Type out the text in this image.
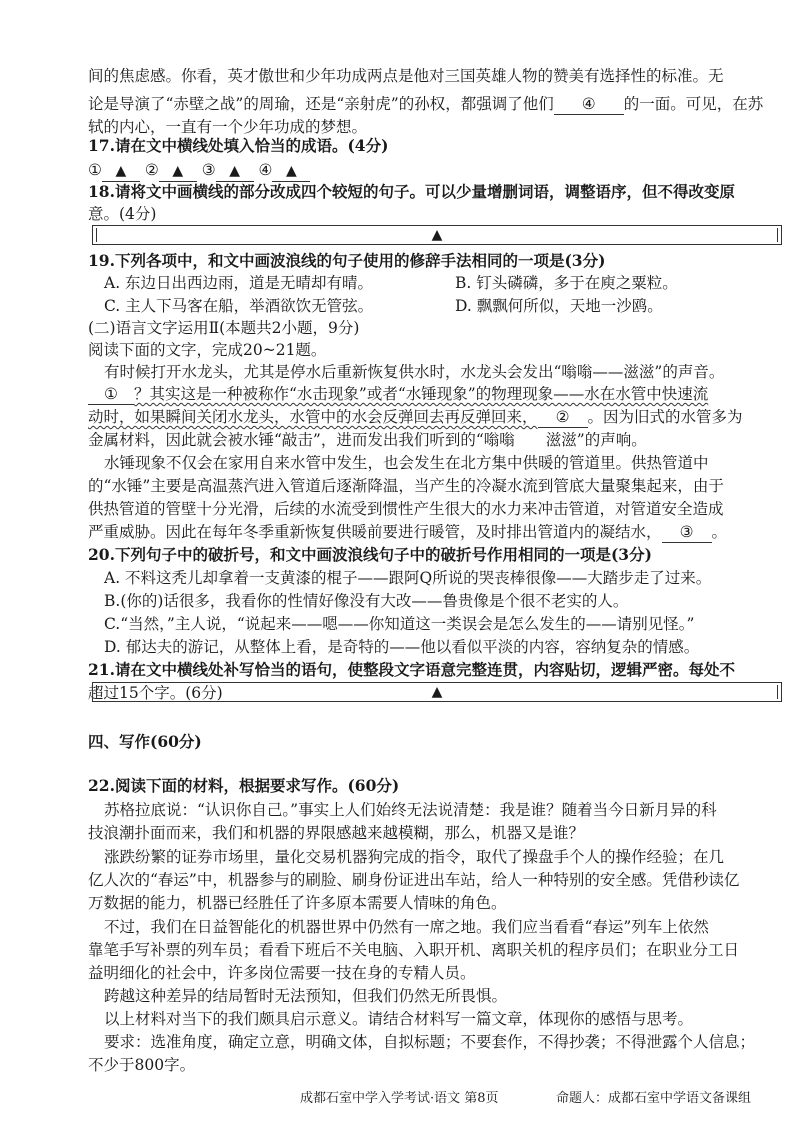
间的焦虑感。你看，英才傲世和少年功成两点是他对三国英雄人物的赞美有选择性的标准。无
论是导演了“赤壁之战”的周瑜，还是“亲射虎”的孙权，都强调了他们 ④ 的一面。可见，在苏
轼的内心，一直有一个少年功成的梦想。
17.请在文中横线处填入恰当的成语。(4分)
① ▲ ② ▲ ③ ▲ ④ ▲
18.请将文中画横线的部分改成四个较短的句子。可以少量增删词语，调整语序，但不得改变原
意。(4分)
▲
19.下列各项中，和文中画波浪线的句子使用的修辞手法相同的一项是(3分)
A. 东边日出西边雨，道是无晴却有晴。	B. 钉头磷磷，多于在庾之粟粒。
C. 主人下马客在船，举酒欲饮无管弦。	D. 飘飘何所似，天地一沙鸥。
(二)语言文字运用Ⅱ(本题共2小题，9分)
阅读下面的文字，完成20~21题。
有时候打开水龙头，尤其是停水后重新恢复供水时，水龙头会发出“嗡嗡——滋滋”的声音。
① ？其实这是一种被称作“水击现象”或者“水锤现象”的物理现象——水在水管中快速流
动时，如果瞬间关闭水龙头，水管中的水会反弹回去再反弹回来， ② 。因为旧式的水管多为
金属材料，因此就会被水锤“敲击”，进而发出我们听到的“嗡嗡　　滋滋”的声响。
水锤现象不仅会在家用自来水管中发生，也会发生在北方集中供暖的管道里。供热管道中
的“水锤”主要是高温蒸汽进入管道后逐渐降温，当产生的冷凝水流到管底大量聚集起来，由于
供热管道的管壁十分光滑，后续的水流受到惯性产生很大的水力来冲击管道，对管道安全造成
严重威胁。因此在每年冬季重新恢复供暖前要进行暖管，及时排出管道内的凝结水， ③ 。
20.下列句子中的破折号，和文中画波浪线句子中的破折号作用相同的一项是(3分)
A. 不料这秃儿却拿着一支黄漆的棍子——跟阿Q所说的哭丧棒很像——大踏步走了过来。
B.(你的)话很多，我看你的性情好像没有大改——鲁贵像是个很不老实的人。
C.“当然，”主人说，“说起来——嗯——你知道这一类误会是怎么发生的——请别见怪。”
D. 郁达夫的游记，从整体上看，是奇特的——他以看似平淡的内容，容纳复杂的情感。
21.请在文中横线处补写恰当的语句，使整段文字语意完整连贯，内容贴切，逻辑严密。每处不
超过15个字。(6分)	▲
四、写作(60分)
22.阅读下面的材料，根据要求写作。(60分)
苏格拉底说：“认识你自己。”事实上人们始终无法说清楚：我是谁？随着当今日新月异的科
技浪潮扑面而来，我们和机器的界限感越来越模糊，那么，机器又是谁？
涨跌纷繁的证券市场里，量化交易机器狗完成的指令，取代了操盘手个人的操作经验；在几
亿人次的“春运”中，机器参与的刷脸、刷身份证进出车站，给人一种特别的安全感。凭借秒读亿
万数据的能力，机器已经胜任了许多原本需要人情味的角色。
不过，我们在日益智能化的机器世界中仍然有一席之地。我们应当看看“春运”列车上依然
靠笔手写补票的列车员；看看下班后不关电脑、入职开机、离职关机的程序员们；在职业分工日
益明细化的社会中，许多岗位需要一技在身的专精人员。
跨越这种差异的结局暂时无法预知，但我们仍然无所畏惧。
以上材料对当下的我们颇具启示意义。请结合材料写一篇文章，体现你的感悟与思考。
要求：选准角度，确定立意，明确文体，自拟标题；不要套作，不得抄袭；不得泄露个人信息；
不少于800字。
成都石室中学入学考试·语文 第8页	命题人：成都石室中学语文备课组
